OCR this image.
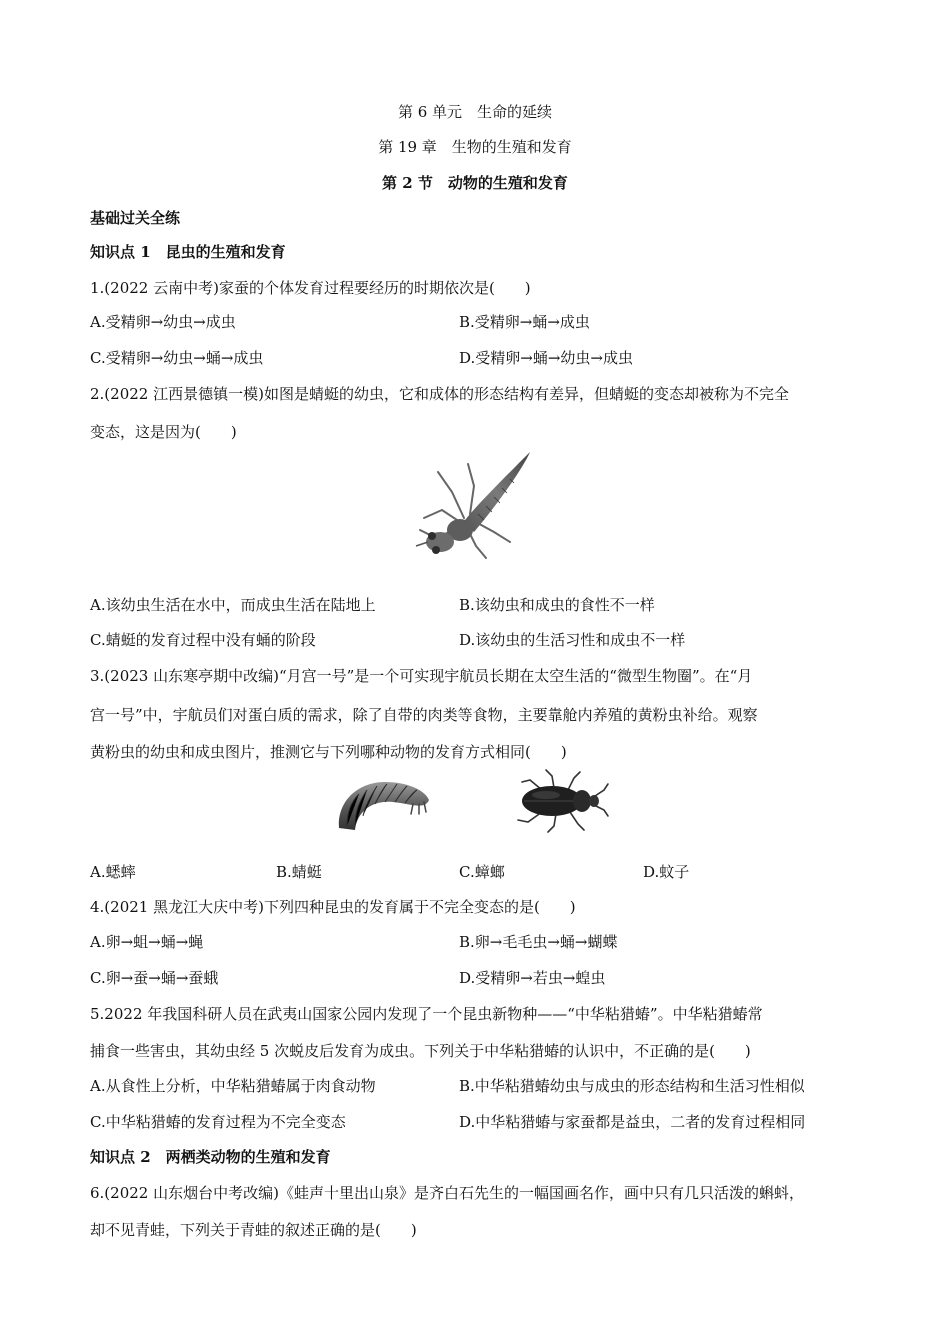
第 6 单元　生命的延续
第 19 章　生物的生殖和发育
第 2 节　动物的生殖和发育
基础过关全练
知识点 1　昆虫的生殖和发育
1.(2022 云南中考)家蚕的个体发育过程要经历的时期依次是(　　)
A.受精卵→幼虫→成虫	B.受精卵→蛹→成虫
C.受精卵→幼虫→蛹→成虫	D.受精卵→蛹→幼虫→成虫
2.(2022 江西景德镇一模)如图是蜻蜓的幼虫，它和成体的形态结构有差异，但蜻蜓的变态却被称为不完全
变态，这是因为(　　)
A.该幼虫生活在水中，而成虫生活在陆地上	B.该幼虫和成虫的食性不一样
C.蜻蜓的发育过程中没有蛹的阶段	D.该幼虫的生活习性和成虫不一样
3.(2023 山东寒亭期中改编)“月宫一号”是一个可实现宇航员长期在太空生活的“微型生物圈”。在“月
宫一号”中，宇航员们对蛋白质的需求，除了自带的肉类等食物，主要靠舱内养殖的黄粉虫补给。观察
黄粉虫的幼虫和成虫图片，推测它与下列哪种动物的发育方式相同(　　)
A.蟋蟀	B.蜻蜓	C.蟑螂	D.蚊子
4.(2021 黑龙江大庆中考)下列四种昆虫的发育属于不完全变态的是(　　)
A.卵→蛆→蛹→蝇	B.卵→毛毛虫→蛹→蝴蝶
C.卵→蚕→蛹→蚕蛾	D.受精卵→若虫→蝗虫
5.2022 年我国科研人员在武夷山国家公园内发现了一个昆虫新物种——“中华粘猎蝽”。中华粘猎蝽常
捕食一些害虫，其幼虫经 5 次蜕皮后发育为成虫。下列关于中华粘猎蝽的认识中，不正确的是(　　)
A.从食性上分析，中华粘猎蝽属于肉食动物	B.中华粘猎蝽幼虫与成虫的形态结构和生活习性相似
C.中华粘猎蝽的发育过程为不完全变态	D.中华粘猎蝽与家蚕都是益虫，二者的发育过程相同
知识点 2　两栖类动物的生殖和发育
6.(2022 山东烟台中考改编)《蛙声十里出山泉》是齐白石先生的一幅国画名作，画中只有几只活泼的蝌蚪，
却不见青蛙，下列关于青蛙的叙述正确的是(　　)
